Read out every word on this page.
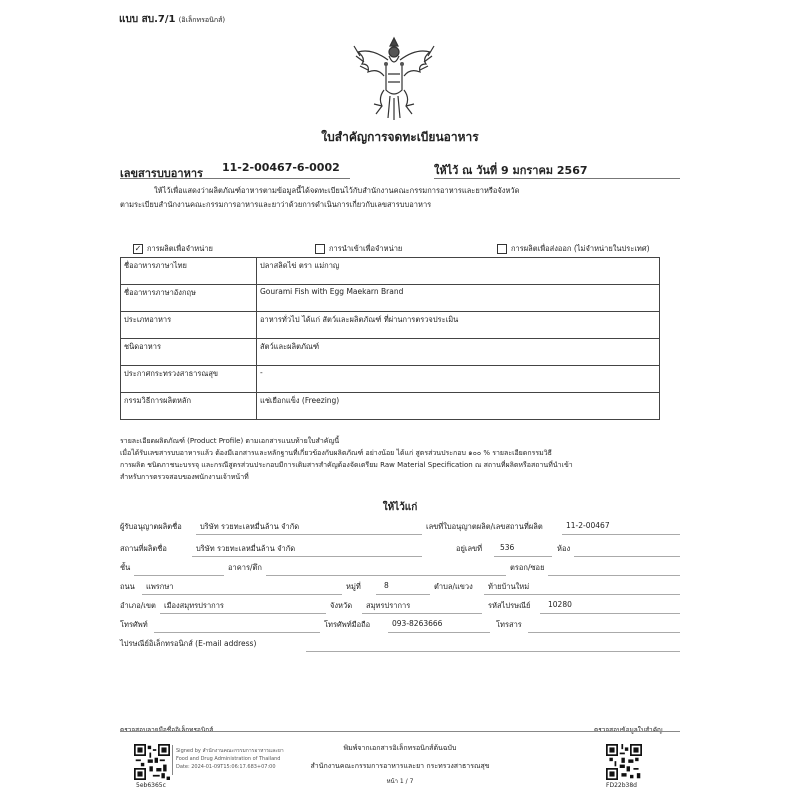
แบบ สบ.7/1 (อิเล็กทรอนิกส์)
ใบสำคัญการจดทะเบียนอาหาร
เลขสารบบอาหาร 11-2-00467-6-0002	ให้ไว้ ณ วันที่ 9 มกราคม 2567
ให้ไว้เพื่อแสดงว่าผลิตภัณฑ์อาหารตามข้อมูลนี้ได้จดทะเบียนไว้กับสำนักงานคณะกรรมการอาหารและยาหรือจังหวัด
ตามระเบียบสำนักงานคณะกรรมการอาหารและยาว่าด้วยการดำเนินการเกี่ยวกับเลขสารบบอาหาร
✓ การผลิตเพื่อจำหน่าย	การนำเข้าเพื่อจำหน่าย	การผลิตเพื่อส่งออก (ไม่จำหน่ายในประเทศ)
ชื่ออาหารภาษาไทย	ปลาสลิดไข่ ตรา แม่กาญ
ชื่ออาหารภาษาอังกฤษ	Gourami Fish with Egg Maekarn Brand
ประเภทอาหาร	อาหารทั่วไป ได้แก่ สัตว์และผลิตภัณฑ์ ที่ผ่านการตรวจประเมิน
ชนิดอาหาร	สัตว์และผลิตภัณฑ์
ประกาศกระทรวงสาธารณสุข	-
กรรมวิธีการผลิตหลัก	แช่เยือกแข็ง (Freezing)
รายละเอียดผลิตภัณฑ์ (Product Profile) ตามเอกสารแนบท้ายใบสำคัญนี้
เมื่อได้รับเลขสารบบอาหารแล้ว ต้องมีเอกสารและหลักฐานที่เกี่ยวข้องกับผลิตภัณฑ์ อย่างน้อย ได้แก่ สูตรส่วนประกอบ ๑๐๐ % รายละเอียดกรรมวิธี
การผลิต ชนิดภาชนะบรรจุ และกรณีสูตรส่วนประกอบมีการเติมสารสำคัญต้องจัดเตรียม Raw Material Specification ณ สถานที่ผลิตหรือสถานที่นำเข้า
สำหรับการตรวจสอบของพนักงานเจ้าหน้าที่
ให้ไว้แก่
ผู้รับอนุญาตผลิตชื่อ บริษัท รวยทะเลหมื่นล้าน จำกัด	เลขที่ใบอนุญาตผลิต/เลขสถานที่ผลิต	11-2-00467
สถานที่ผลิตชื่อ	บริษัท รวยทะเลหมื่นล้าน จำกัด	อยู่เลขที่ 536	ห้อง
ชั้น	อาคาร/ตึก	ตรอก/ซอย
ถนน แพรกษา	หมู่ที่	8	ตำบล/แขวง ท้ายบ้านใหม่
อำเภอ/เขต เมืองสมุทรปราการ	จังหวัด สมุทรปราการ	รหัสไปรษณีย์ 10280
โทรศัพท์	โทรศัพท์มือถือ	093-8263666	โทรสาร
ไปรษณีย์อิเล็กทรอนิกส์ (E-mail address)
ตรวจสอบลายมือชื่ออิเล็กทรอนิกส์	ตรวจสอบข้อมูลใบสำคัญ
5eb6365c
Signed by สำนักงานคณะกรรมการอาหารและยา
Food and Drug Administration of Thailand
Date: 2024-01-09T15:06:17.683+07:00
พิมพ์จากเอกสารอิเล็กทรอนิกส์ต้นฉบับ
สำนักงานคณะกรรมการอาหารและยา กระทรวงสาธารณสุข
หน้า 1 / 7
FD22b38d
